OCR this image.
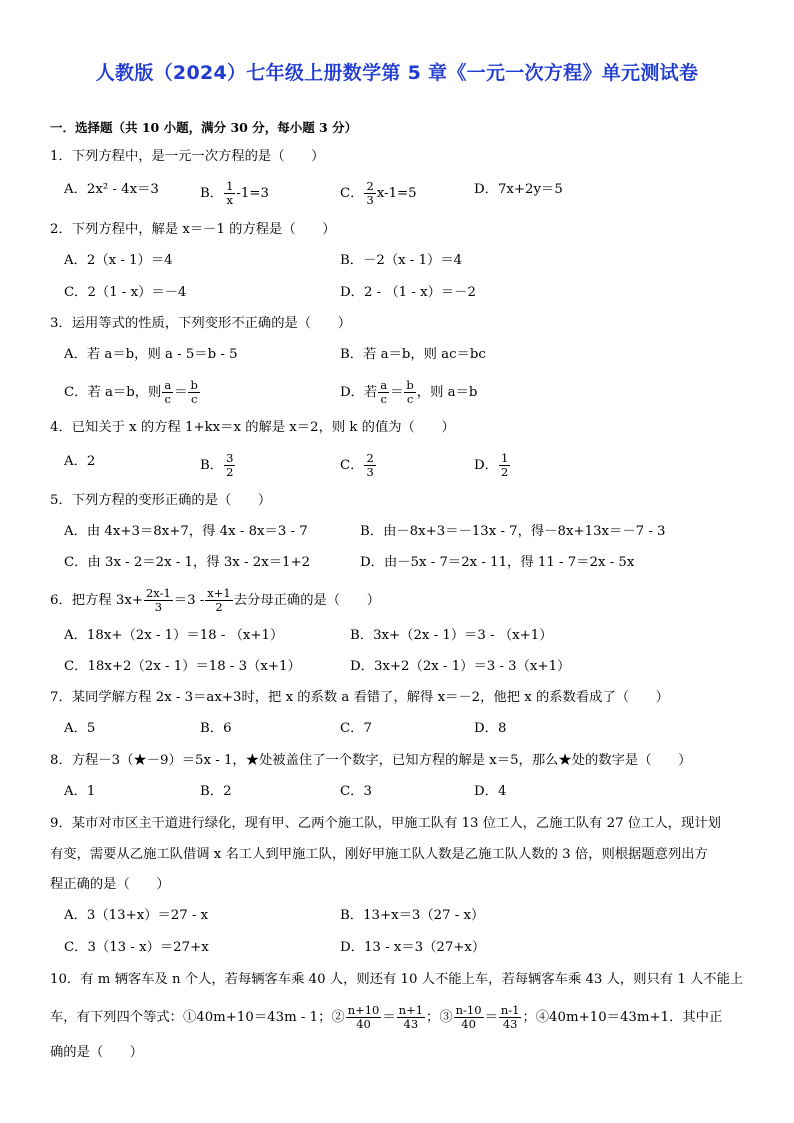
人教版（2024）七年级上册数学第 5 章《一元一次方程》单元测试卷
一．选择题（共 10 小题，满分 30 分，每小题 3 分）
1．下列方程中，是一元一次方程的是（　　）
A．2x² - 4x＝3	B． $\frac{1}{x} -1=3$	C． $\frac{2}{3} x-1=5$	D．7x+2y＝5
2．下列方程中，解是 x＝－1 的方程是（　　）
A．2（x - 1）＝4	B．－2（x - 1）＝4
C．2（1 - x）＝－4	D．2 - （1 - x）＝－2
3．运用等式的性质，下列变形不正确的是（　　）
A．若 a＝b，则 a - 5＝b - 5	B．若 a＝b，则 ac＝bc
C．若 a＝b，则 $\frac{a}{c} = \frac{b}{c}$	D．若 $\frac{a}{c} = \frac{b}{c}$ ，则 a＝b
4．已知关于 x 的方程 1+kx＝x 的解是 x＝2，则 k 的值为（　　）
A．2	B． $\frac{3}{2}$	C． $\frac{2}{3}$	D． $\frac{1}{2}$
5．下列方程的变形正确的是（　　）
A．由 4x+3＝8x+7，得 4x - 8x＝3 - 7	B．由－8x+3＝－13x - 7，得－8x+13x＝－7 - 3
C．由 3x - 2＝2x - 1，得 3x - 2x＝1+2	D．由－5x - 7＝2x - 11，得 11 - 7＝2x - 5x
6．把方程 $3x+ \frac{2x-1}{3} =3 - \frac{x+1}{2}$ 去分母正确的是（　　）
A．18x+（2x - 1）＝18 - （x+1）	B．3x+（2x - 1）＝3 - （x+1）
C．18x+2（2x - 1）＝18 - 3（x+1）	D．3x+2（2x - 1）＝3 - 3（x+1）
7．某同学解方程 2x - 3＝ax+3时，把 x 的系数 a 看错了，解得 x＝－2，他把 x 的系数看成了（　　）
A．5	B．6	C．7	D．8
8．方程－3（★－9）＝5x - 1，★处被盖住了一个数字，已知方程的解是 x＝5，那么★处的数字是（　　）
A．1	B．2	C．3	D．4
9．某市对市区主干道进行绿化，现有甲、乙两个施工队，甲施工队有 13 位工人，乙施工队有 27 位工人，现计划
有变，需要从乙施工队借调 x 名工人到甲施工队，刚好甲施工队人数是乙施工队人数的 3 倍，则根据题意列出方
程正确的是（　　）
A．3（13+x）＝27 - x	B．13+x＝3（27 - x）
C．3（13 - x）＝27+x	D．13 - x＝3（27+x）
10．有 m 辆客车及 n 个人，若每辆客车乘 40 人，则还有 10 人不能上车，若每辆客车乘 43 人，则只有 1 人不能上
车，有下列四个等式：①40m+10＝43m - 1；② $\frac{n+10}{40} = \frac{n+1}{43}$ ；③ $\frac{n-10}{40} = \frac{n-1}{43}$ ；④40m+10＝43m+1．其中正
确的是（　　）
